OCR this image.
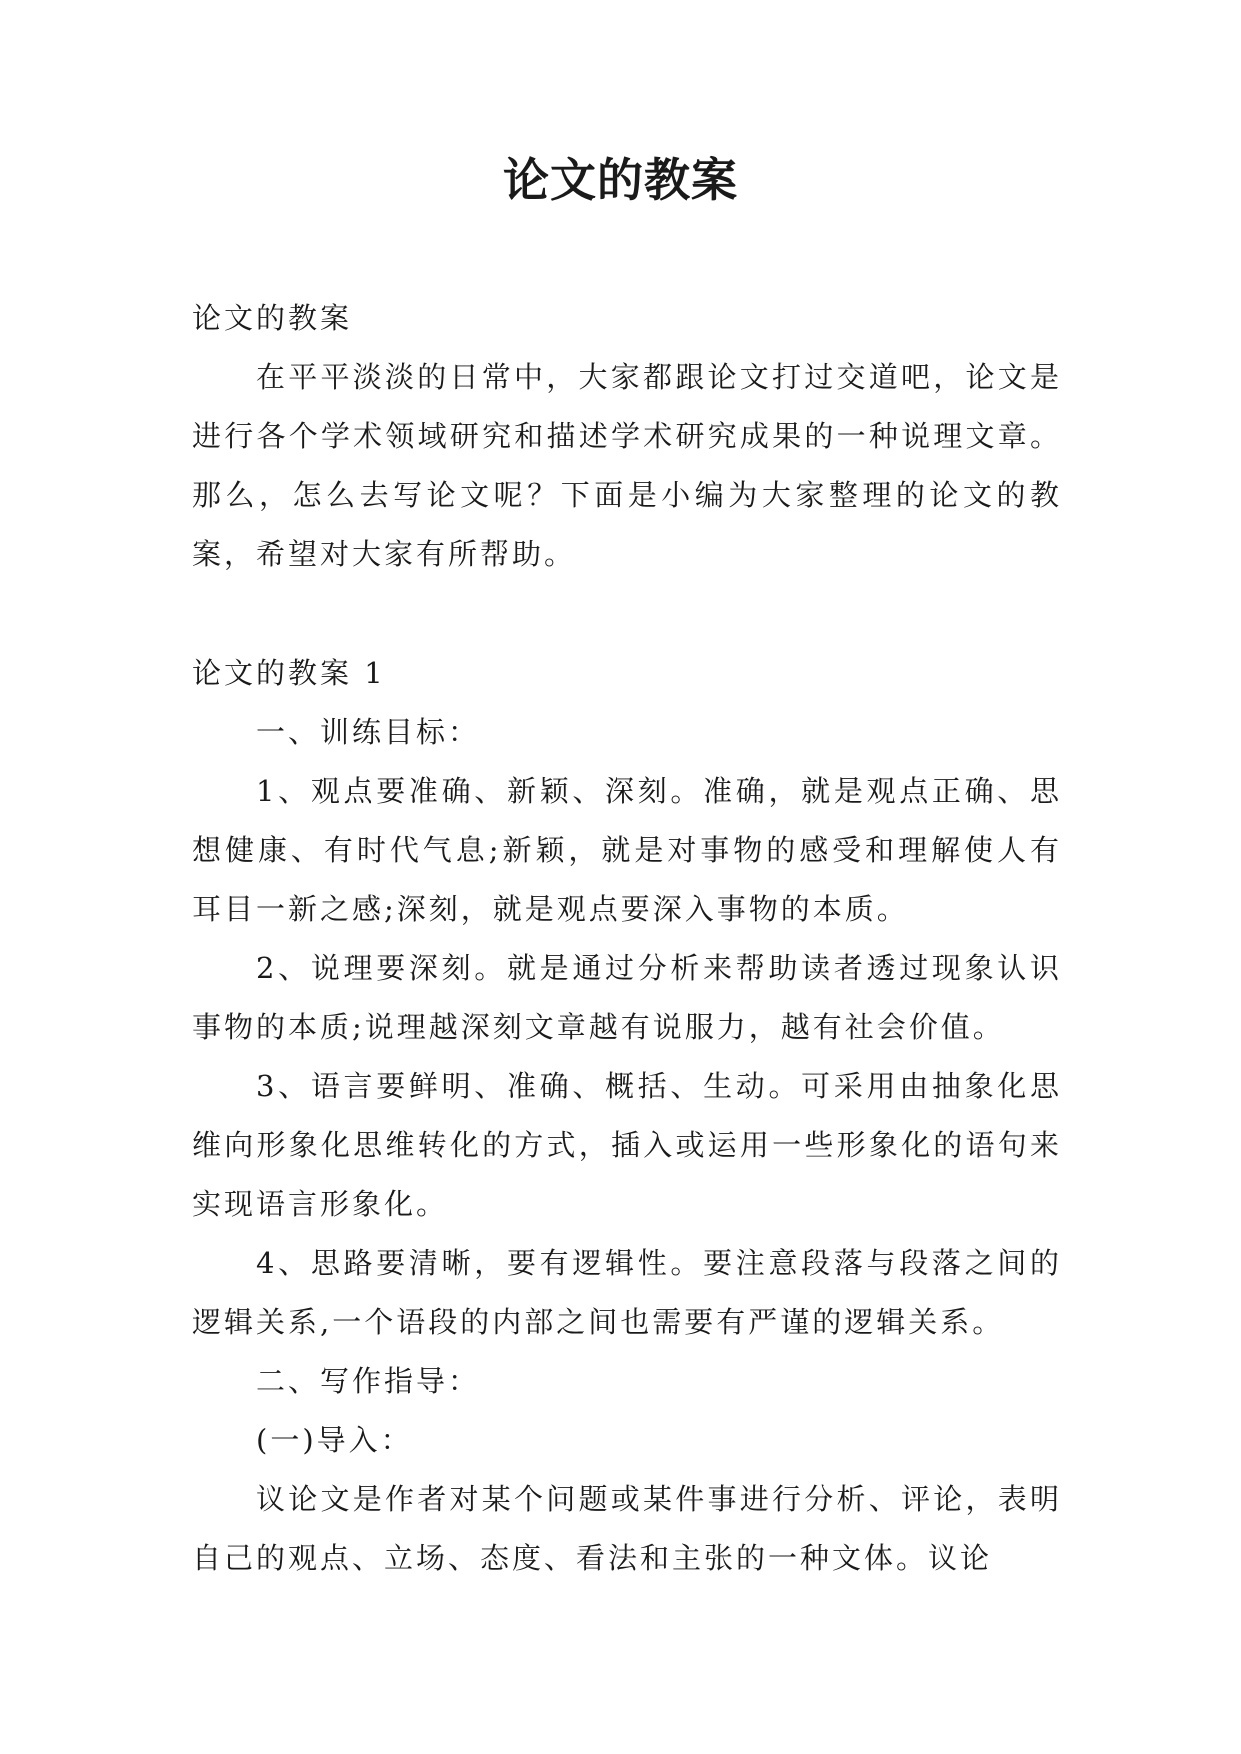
论文的教案

论文的教案

在平平淡淡的日常中，大家都跟论文打过交道吧，论文是进行各个学术领域研究和描述学术研究成果的一种说理文章。那么，怎么去写论文呢？下面是小编为大家整理的论文的教案，希望对大家有所帮助。

论文的教案 1

一、训练目标：

1、观点要准确、新颖、深刻。准确，就是观点正确、思想健康、有时代气息;新颖，就是对事物的感受和理解使人有耳目一新之感;深刻，就是观点要深入事物的本质。

2、说理要深刻。就是通过分析来帮助读者透过现象认识事物的本质;说理越深刻文章越有说服力，越有社会价值。

3、语言要鲜明、准确、概括、生动。可采用由抽象化思维向形象化思维转化的方式，插入或运用一些形象化的语句来实现语言形象化。

4、思路要清晰，要有逻辑性。要注意段落与段落之间的逻辑关系,一个语段的内部之间也需要有严谨的逻辑关系。

二、写作指导：

(一)导入：

议论文是作者对某个问题或某件事进行分析、评论，表明自己的观点、立场、态度、看法和主张的一种文体。议论
